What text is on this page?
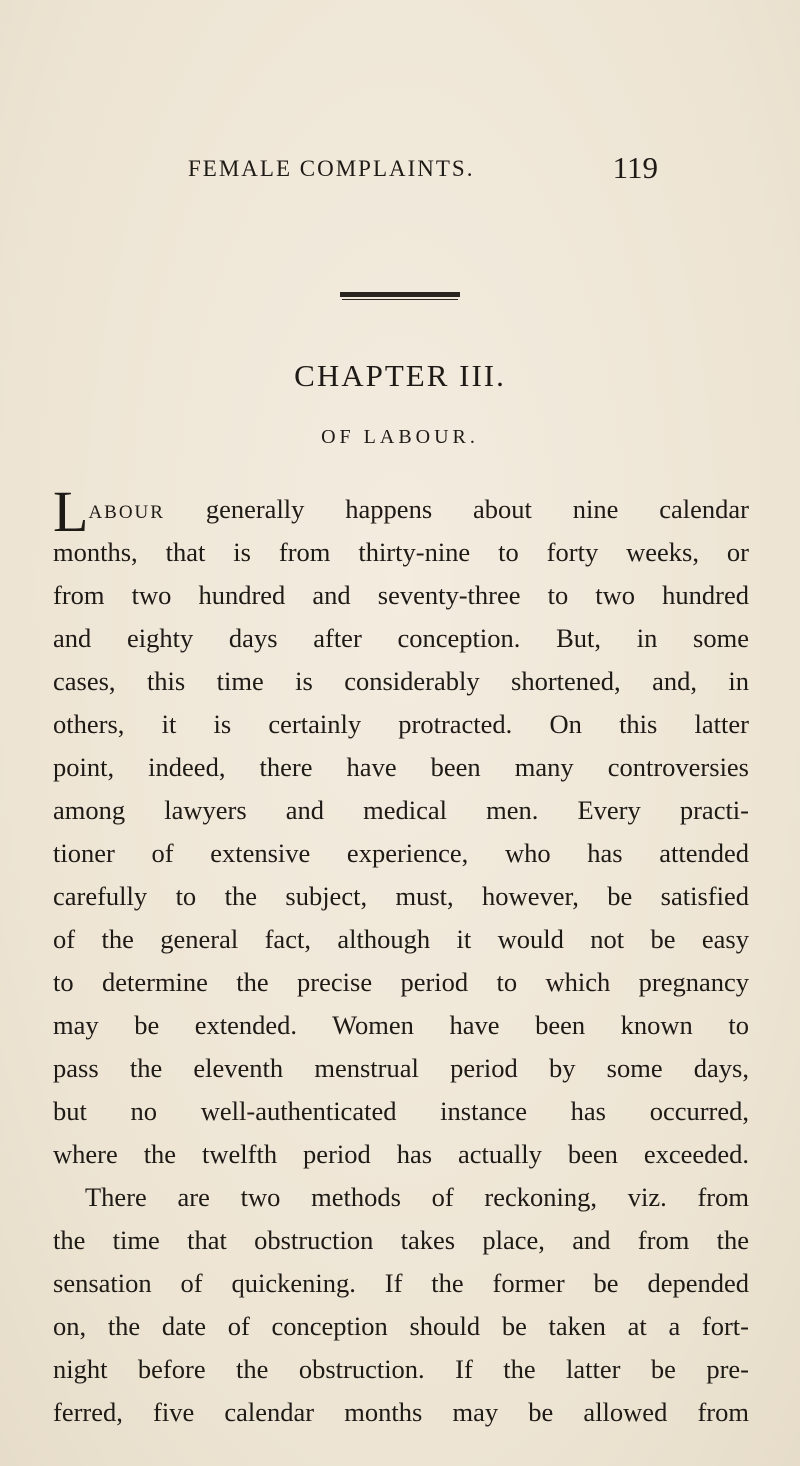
FEMALE COMPLAINTS.	119
CHAPTER III.
OF LABOUR.
LABOUR generally happens about nine calendar
months, that is from thirty-nine to forty weeks, or
from two hundred and seventy-three to two hundred
and eighty days after conception. But, in some
cases, this time is considerably shortened, and, in
others, it is certainly protracted. On this latter
point, indeed, there have been many controversies
among lawyers and medical men. Every practi-
tioner of extensive experience, who has attended
carefully to the subject, must, however, be satisfied
of the general fact, although it would not be easy
to determine the precise period to which pregnancy
may be extended. Women have been known to
pass the eleventh menstrual period by some days,
but no well-authenticated instance has occurred,
where the twelfth period has actually been exceeded.
There are two methods of reckoning, viz. from
the time that obstruction takes place, and from the
sensation of quickening. If the former be depended
on, the date of conception should be taken at a fort-
night before the obstruction. If the latter be pre-
ferred, five calendar months may be allowed from
